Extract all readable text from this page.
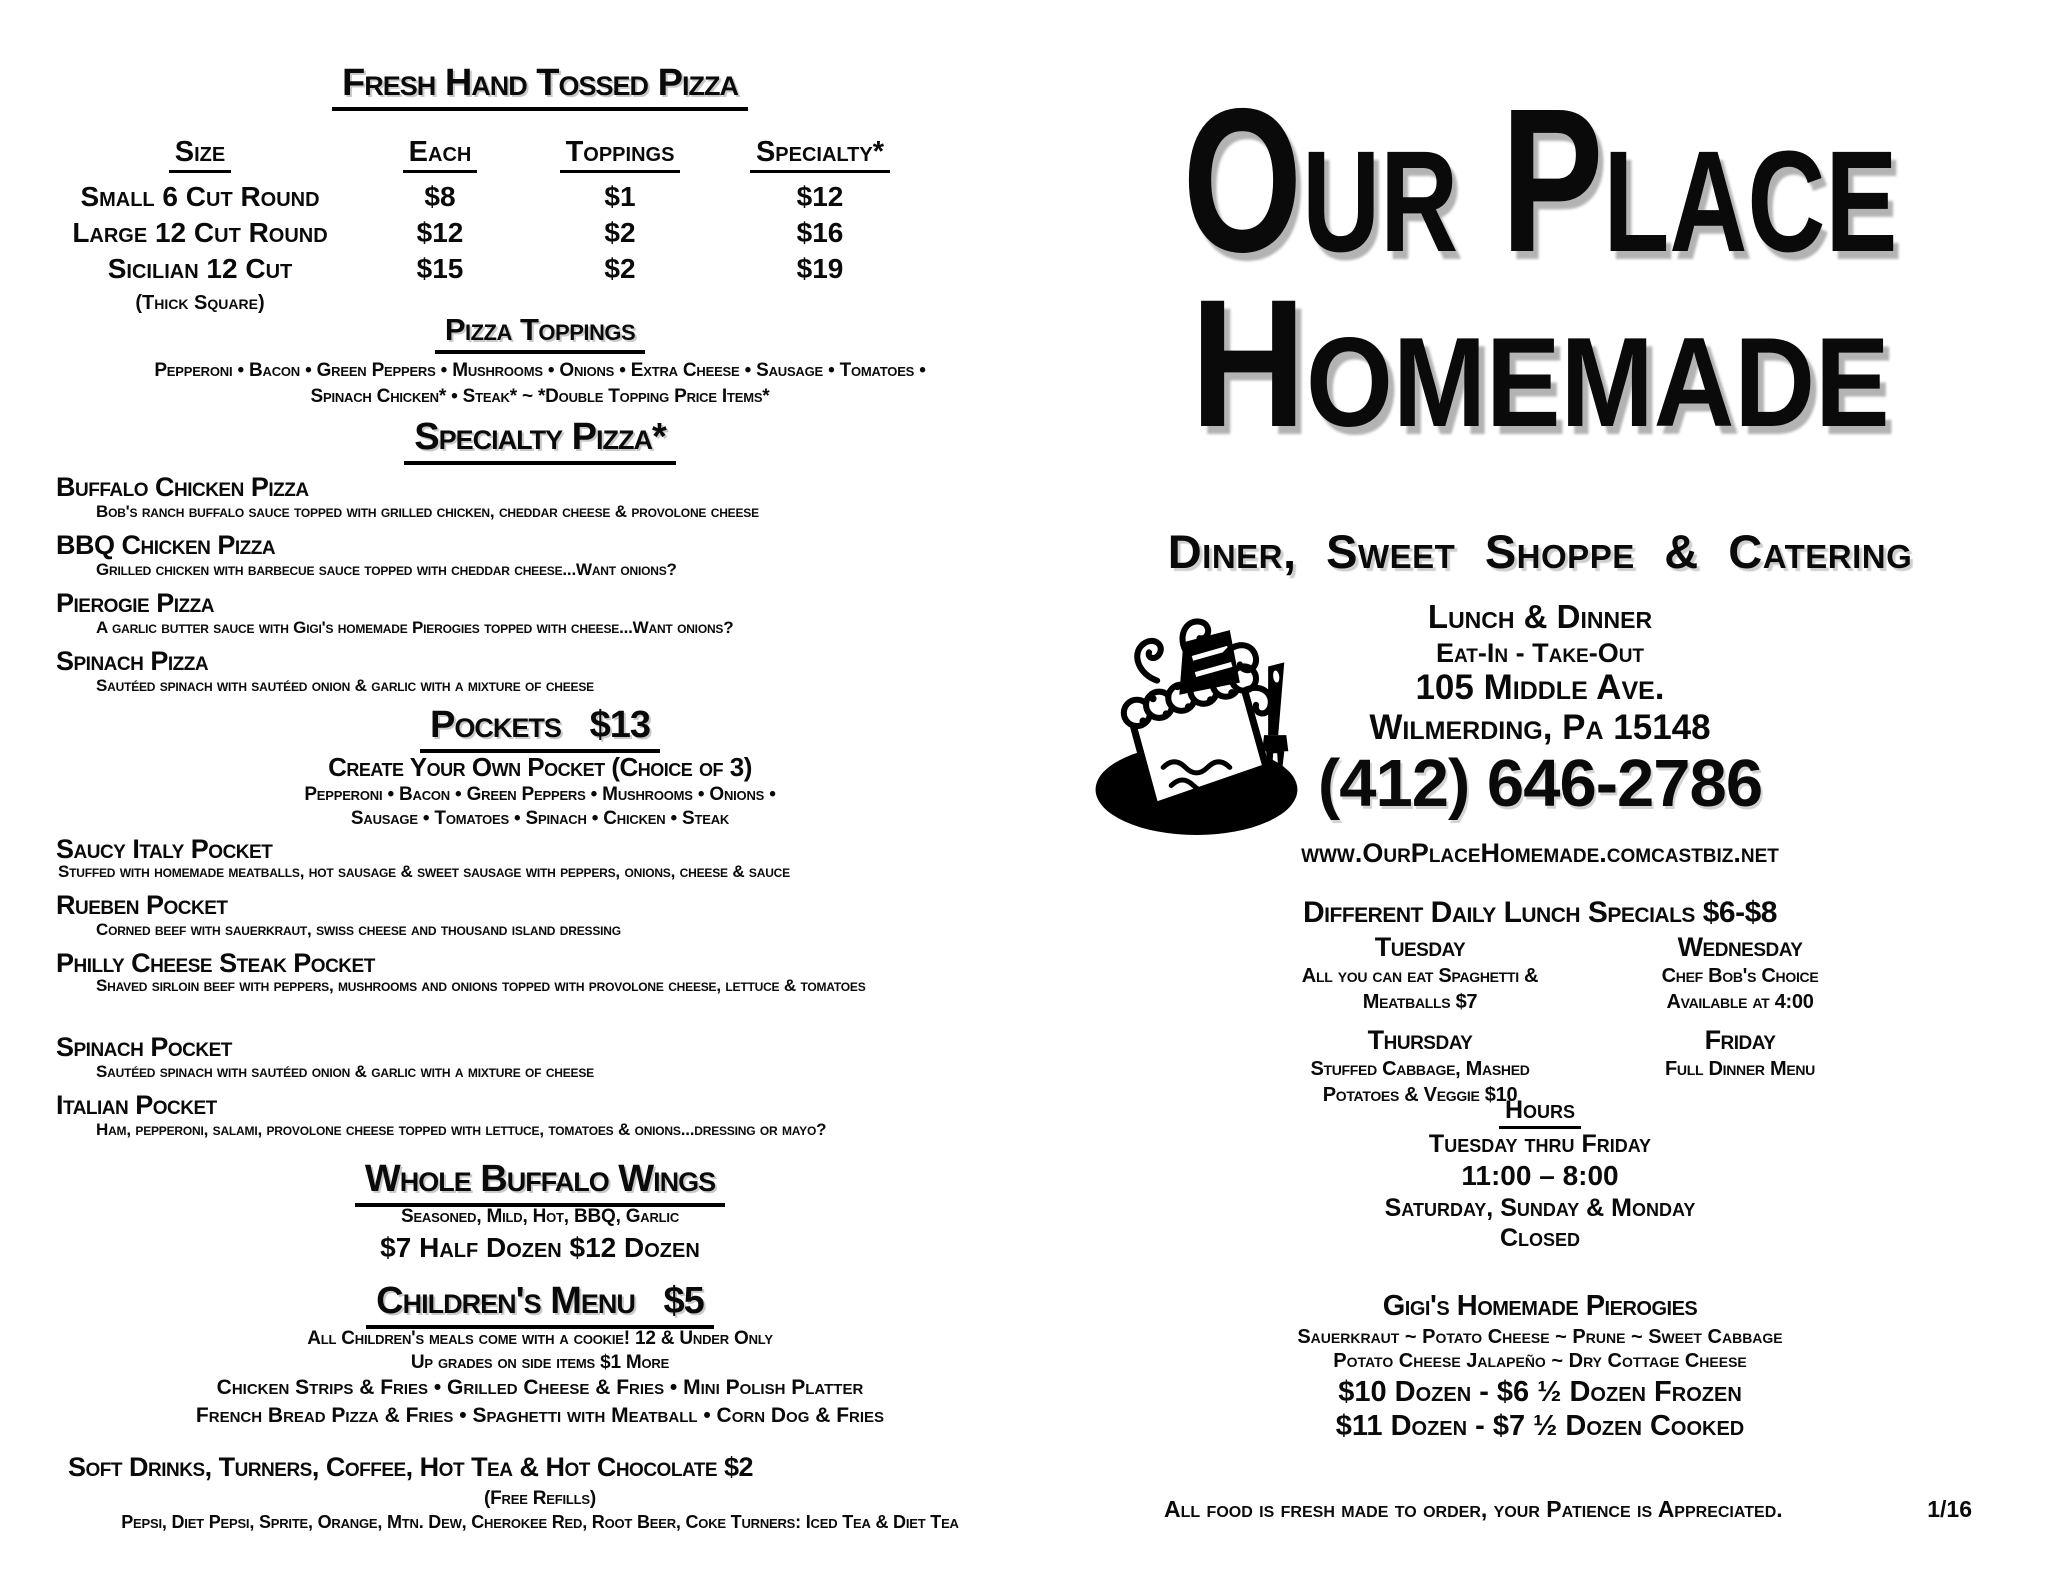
Fresh Hand Tossed Pizza
Size	Each	Toppings	Specialty*
Small 6 Cut Round	$8	$1	$12
Large 12 Cut Round	$12	$2	$16
Sicilian 12 Cut	$15	$2	$19
(Thick Square)
Pizza Toppings
Pepperoni • Bacon • Green Peppers • Mushrooms • Onions • Extra Cheese • Sausage • Tomatoes •
Spinach Chicken* • Steak* ~ *Double Topping Price Items*
Specialty Pizza*
Buffalo Chicken Pizza
Bob's ranch buffalo sauce topped with grilled chicken, cheddar cheese & provolone cheese
BBQ Chicken Pizza
Grilled chicken with barbecue sauce topped with cheddar cheese...Want onions?
Pierogie Pizza
A garlic butter sauce with Gigi's homemade Pierogies topped with cheese...Want onions?
Spinach Pizza
Sautéed spinach with sautéed onion & garlic with a mixture of cheese
Pockets $13
Create Your Own Pocket (Choice of 3)
Pepperoni • Bacon • Green Peppers • Mushrooms • Onions •
Sausage • Tomatoes • Spinach • Chicken • Steak
Saucy Italy Pocket
Stuffed with homemade meatballs, hot sausage & sweet sausage with peppers, onions, cheese & sauce
Rueben Pocket
Corned beef with sauerkraut, swiss cheese and thousand island dressing
Philly Cheese Steak Pocket
Shaved sirloin beef with peppers, mushrooms and onions topped with provolone cheese, lettuce & tomatoes
Spinach Pocket
Sautéed spinach with sautéed onion & garlic with a mixture of cheese
Italian Pocket
Ham, pepperoni, salami, provolone cheese topped with lettuce, tomatoes & onions...dressing or mayo?
Whole Buffalo Wings
Seasoned, Mild, Hot, BBQ, Garlic
$7 Half Dozen $12 Dozen
Children's Menu $5
All Children's meals come with a cookie! 12 & Under Only
Up grades on side items $1 More
Chicken Strips & Fries • Grilled Cheese & Fries • Mini Polish Platter
French Bread Pizza & Fries • Spaghetti with Meatball • Corn Dog & Fries
Soft Drinks, Turners, Coffee, Hot Tea & Hot Chocolate $2
(Free Refills)
Pepsi, Diet Pepsi, Sprite, Orange, Mtn. Dew, Cherokee Red, Root Beer, Coke Turners: Iced Tea & Diet Tea
Our Place
Homemade
Diner, Sweet Shoppe & Catering
Lunch & Dinner
Eat-In - Take-Out
105 Middle Ave.
Wilmerding, Pa 15148
(412) 646-2786
www.OurPlaceHomemade.comcastbiz.net
Different Daily Lunch Specials $6-$8
Tuesday
All you can eat Spaghetti &
Meatballs $7
Wednesday
Chef Bob's Choice
Available at 4:00
Thursday
Stuffed Cabbage, Mashed
Potatoes & Veggie $10
Friday
Full Dinner Menu
Hours
Tuesday thru Friday
11:00 – 8:00
Saturday, Sunday & Monday
Closed
Gigi's Homemade Pierogies
Sauerkraut ~ Potato Cheese ~ Prune ~ Sweet Cabbage
Potato Cheese Jalapeño ~ Dry Cottage Cheese
$10 Dozen - $6 ½ Dozen Frozen
$11 Dozen - $7 ½ Dozen Cooked
All food is fresh made to order, your Patience is Appreciated.	1/16
